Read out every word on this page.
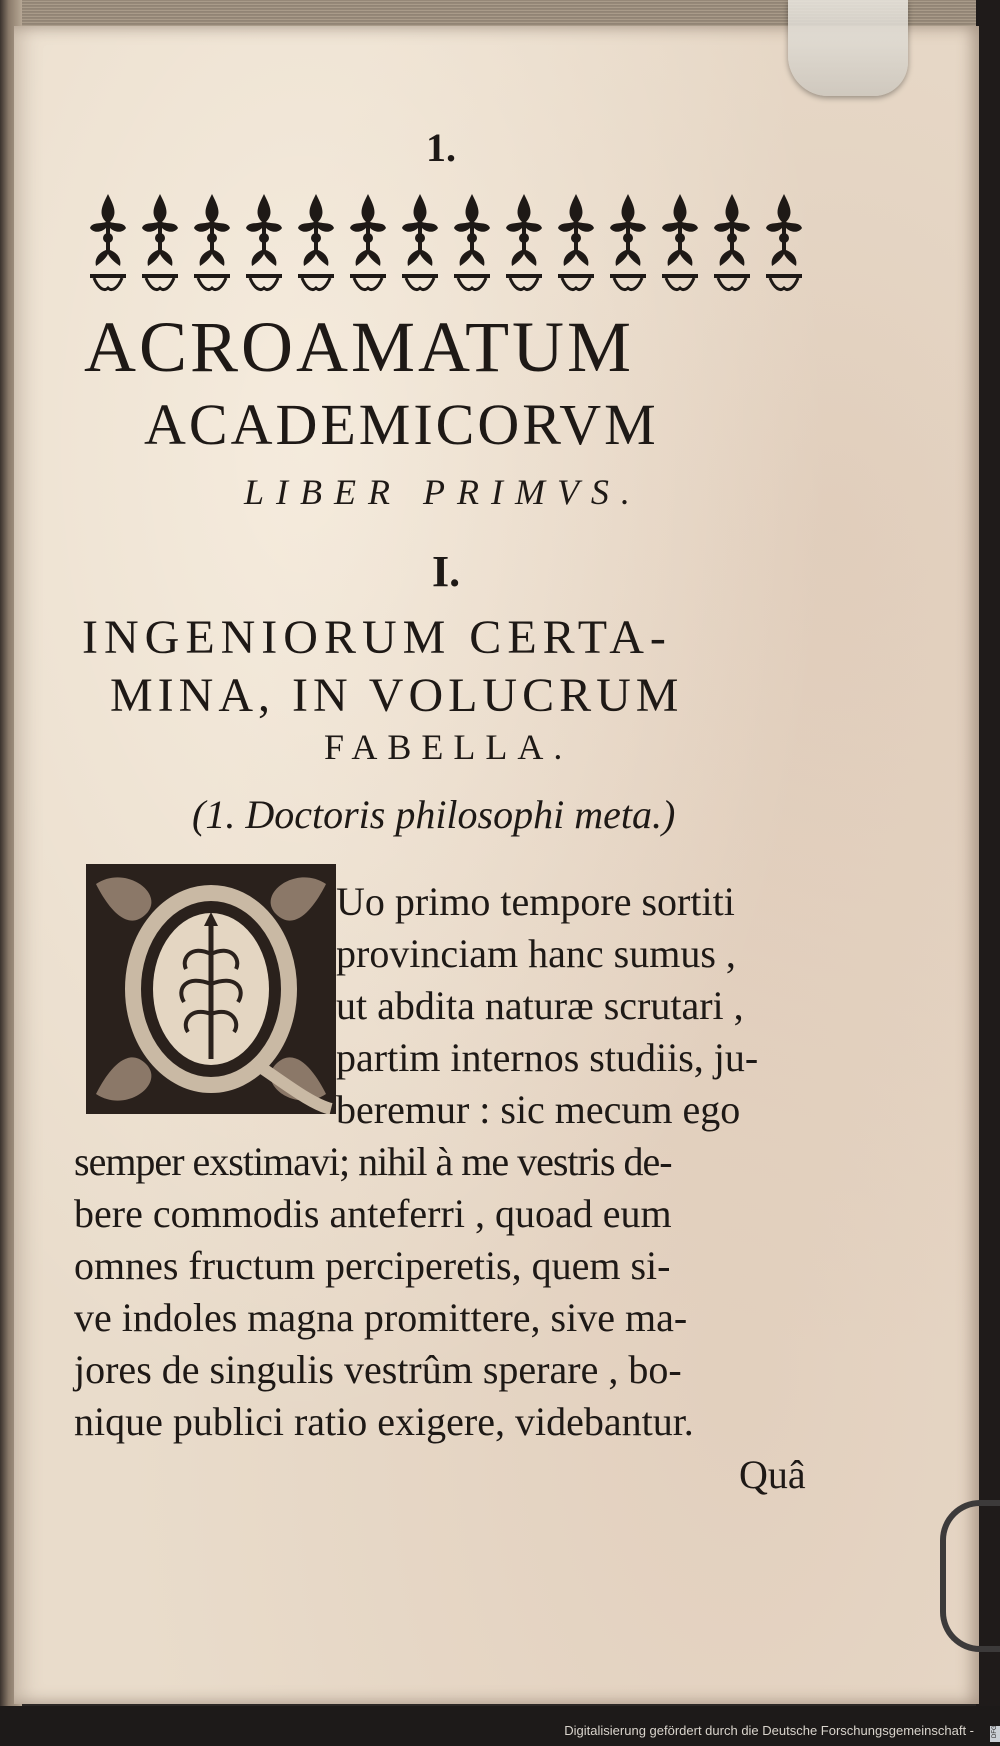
1.
ACROAMATUM
ACADEMICORVM
LIBER PRIMVS.
I.
INGENIORUM CERTA-
MINA, IN VOLUCRUM
FABELLA.
(1. Doctoris philosophi meta.)
Uo primo tempore sortiti
provinciam hanc sumus ,
ut abdita naturæ scrutari ,
partim internos studiis, ju-
beremur : sic mecum ego
semper exstimavi; nihil à me vestris de-
bere commodis anteferri , quoad eum
omnes fructum perciperetis, quem si-
ve indoles magna promittere, sive ma-
jores de singulis vestrûm sperare , bo-
nique publici ratio exigere, videbantur.
Quâ
Digitalisierung gefördert durch die Deutsche Forschungsgemeinschaft -	DFG
